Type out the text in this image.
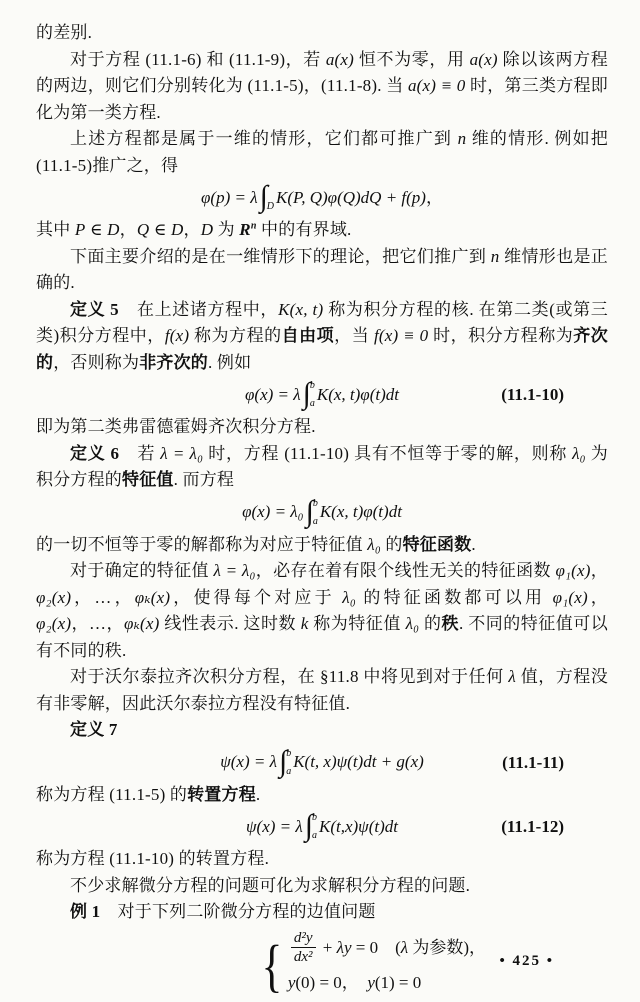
的差别.

对于方程 (11.1-6) 和 (11.1-9)，若 a(x) 恒不为零，用 a(x) 除以该两方程的两边，则它们分别转化为 (11.1-5)，(11.1-8). 当 a(x) ≡ 0 时，第三类方程即化为第一类方程.

上述方程都是属于一维的情形，它们都可推广到 n 维的情形. 例如把 (11.1-5)推广之，得

φ(p) = λ ∫ D K(P, Q)φ(Q)dQ + f(p) ，

其中 P ∈ D，Q ∈ D，D 为 $R^n$ 中的有界域.

下面主要介绍的是在一维情形下的理论，把它们推广到 n 维情形也是正确的.

定义 5　在上述诸方程中，K(x, t) 称为积分方程的核. 在第二类(或第三类)积分方程中，f(x) 称为方程的自由项，当 f(x) ≡ 0 时，积分方程称为齐次的，否则称为非齐次的. 例如

φ(x) = λ ∫ b
a K(x, t)φ(t)dt	(11.1-10)

即为第二类弗雷德霍姆齐次积分方程.

定义 6　若 λ = λ₀ 时，方程 (11.1-10) 具有不恒等于零的解，则称 λ₀ 为积分方程的特征值. 而方程

φ(x) = λ₀ ∫ b
a K(x, t)φ(t)dt

的一切不恒等于零的解都称为对应于特征值 λ₀ 的特征函数.

对于确定的特征值 λ = λ₀，必存在着有限个线性无关的特征函数 φ₁(x)，φ₂(x)，…，φₖ(x)，使得每个对应于 λ₀ 的特征函数都可以用 φ₁(x)，φ₂(x)，…，φₖ(x) 线性表示. 这时数 k 称为特征值 λ₀ 的秩. 不同的特征值可以有不同的秩.

对于沃尔泰拉齐次积分方程，在 §11.8 中将见到对于任何 λ 值，方程没有非零解，因此沃尔泰拉方程没有特征值.

定义 7

ψ(x) = λ ∫ b
a K(t, x)ψ(t)dt + g(x)	(11.1-11)

称为方程 (11.1-5) 的转置方程.

ψ(x) = λ ∫ b
a K(t,x)ψ(t)dt	(11.1-12)

称为方程 (11.1-10) 的转置方程.

不少求解微分方程的问题可化为求解积分方程的问题.

例 1　对于下列二阶微分方程的边值问题

{ $\frac{\text{d²y}}{\text{dx²}} + \lambda y = 0$　( λ 为参数)，
y (0) = 0， y (1) = 0
• 425 •
